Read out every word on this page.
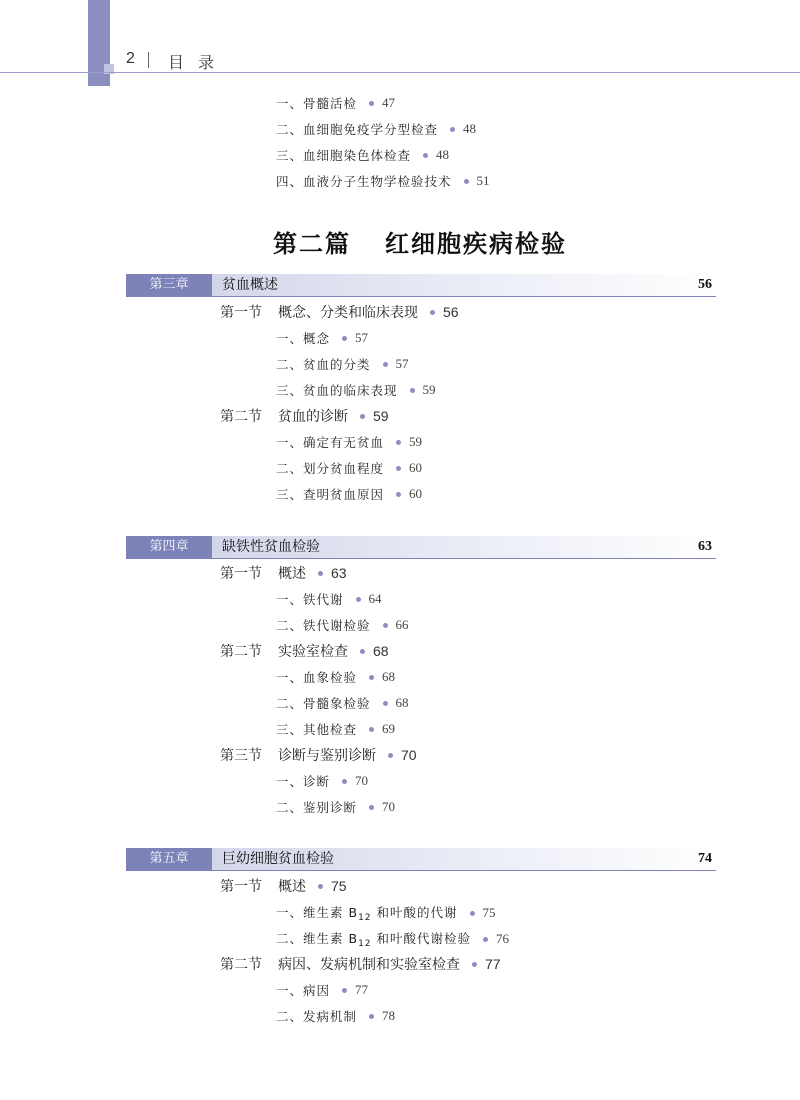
2 目录
一、骨髓活检 47
二、血细胞免疫学分型检查 48
三、血细胞染色体检查 48
四、血液分子生物学检验技术 51
第二篇 红细胞疾病检验
第三章	贫血概述	56
第一节 概念、分类和临床表现 56
一、概念 57
二、贫血的分类 57
三、贫血的临床表现 59
第二节 贫血的诊断 59
一、确定有无贫血 59
二、划分贫血程度 60
三、查明贫血原因 60
第四章	缺铁性贫血检验	63
第一节 概述 63
一、铁代谢 64
二、铁代谢检验 66
第二节 实验室检查 68
一、血象检验 68
二、骨髓象检验 68
三、其他检查 69
第三节 诊断与鉴别诊断 70
一、诊断 70
二、鉴别诊断 70
第五章	巨幼细胞贫血检验	74
第一节 概述 75
一、维生素 $B_{12}$ 和叶酸的代谢 75
二、维生素 $B_{12}$ 和叶酸代谢检验 76
第二节 病因、发病机制和实验室检查 77
一、病因 77
二、发病机制 78
